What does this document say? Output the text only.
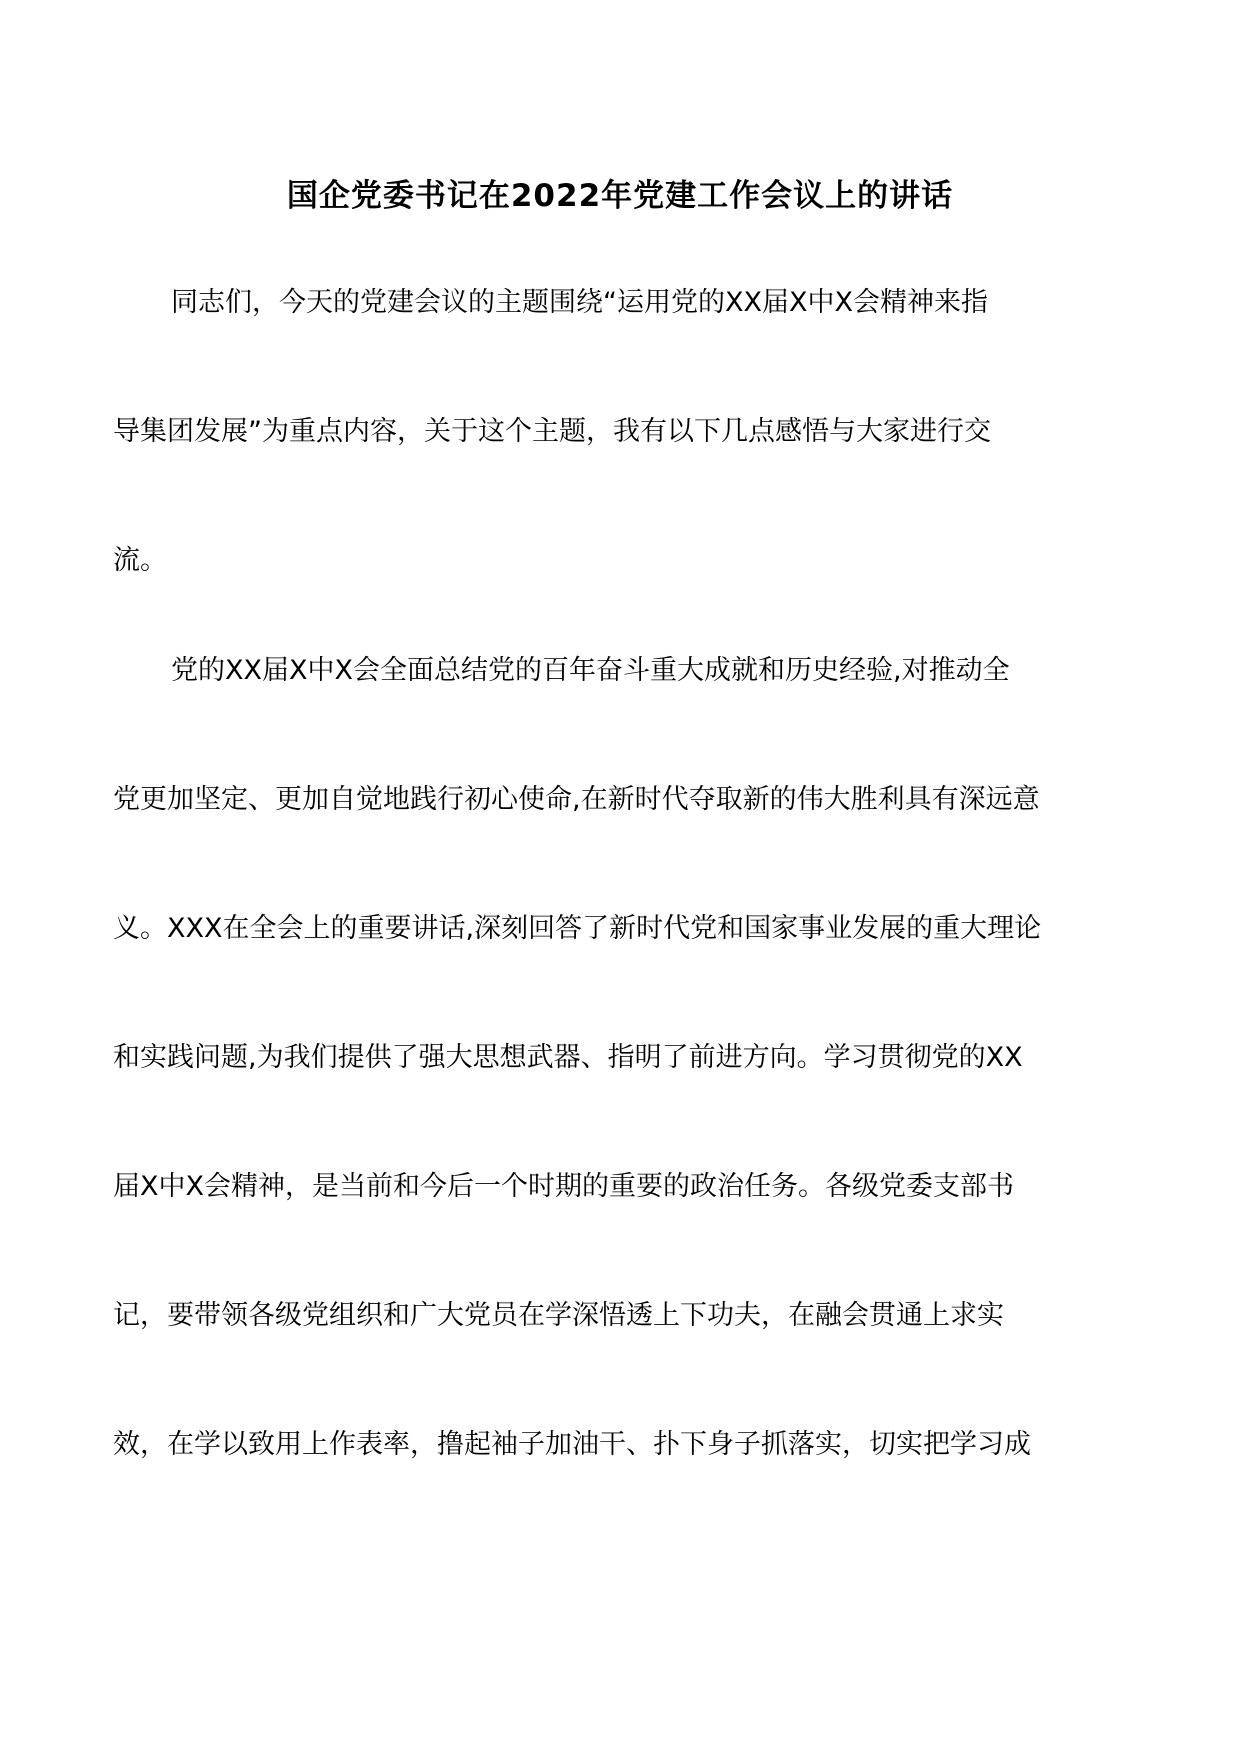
国企党委书记在2022年党建工作会议上的讲话
同志们，今天的党建会议的主题围绕“运用党的XX届X中X会精神来指
导集团发展”为重点内容，关于这个主题，我有以下几点感悟与大家进行交
流。
党的XX届X中X会全面总结党的百年奋斗重大成就和历史经验,对推动全
党更加坚定、更加自觉地践行初心使命,在新时代夺取新的伟大胜利具有深远意
义。XXX在全会上的重要讲话,深刻回答了新时代党和国家事业发展的重大理论
和实践问题,为我们提供了强大思想武器、指明了前进方向。学习贯彻党的XX
届X中X会精神，是当前和今后一个时期的重要的政治任务。各级党委支部书
记，要带领各级党组织和广大党员在学深悟透上下功夫，在融会贯通上求实
效，在学以致用上作表率，撸起袖子加油干、扑下身子抓落实，切实把学习成
